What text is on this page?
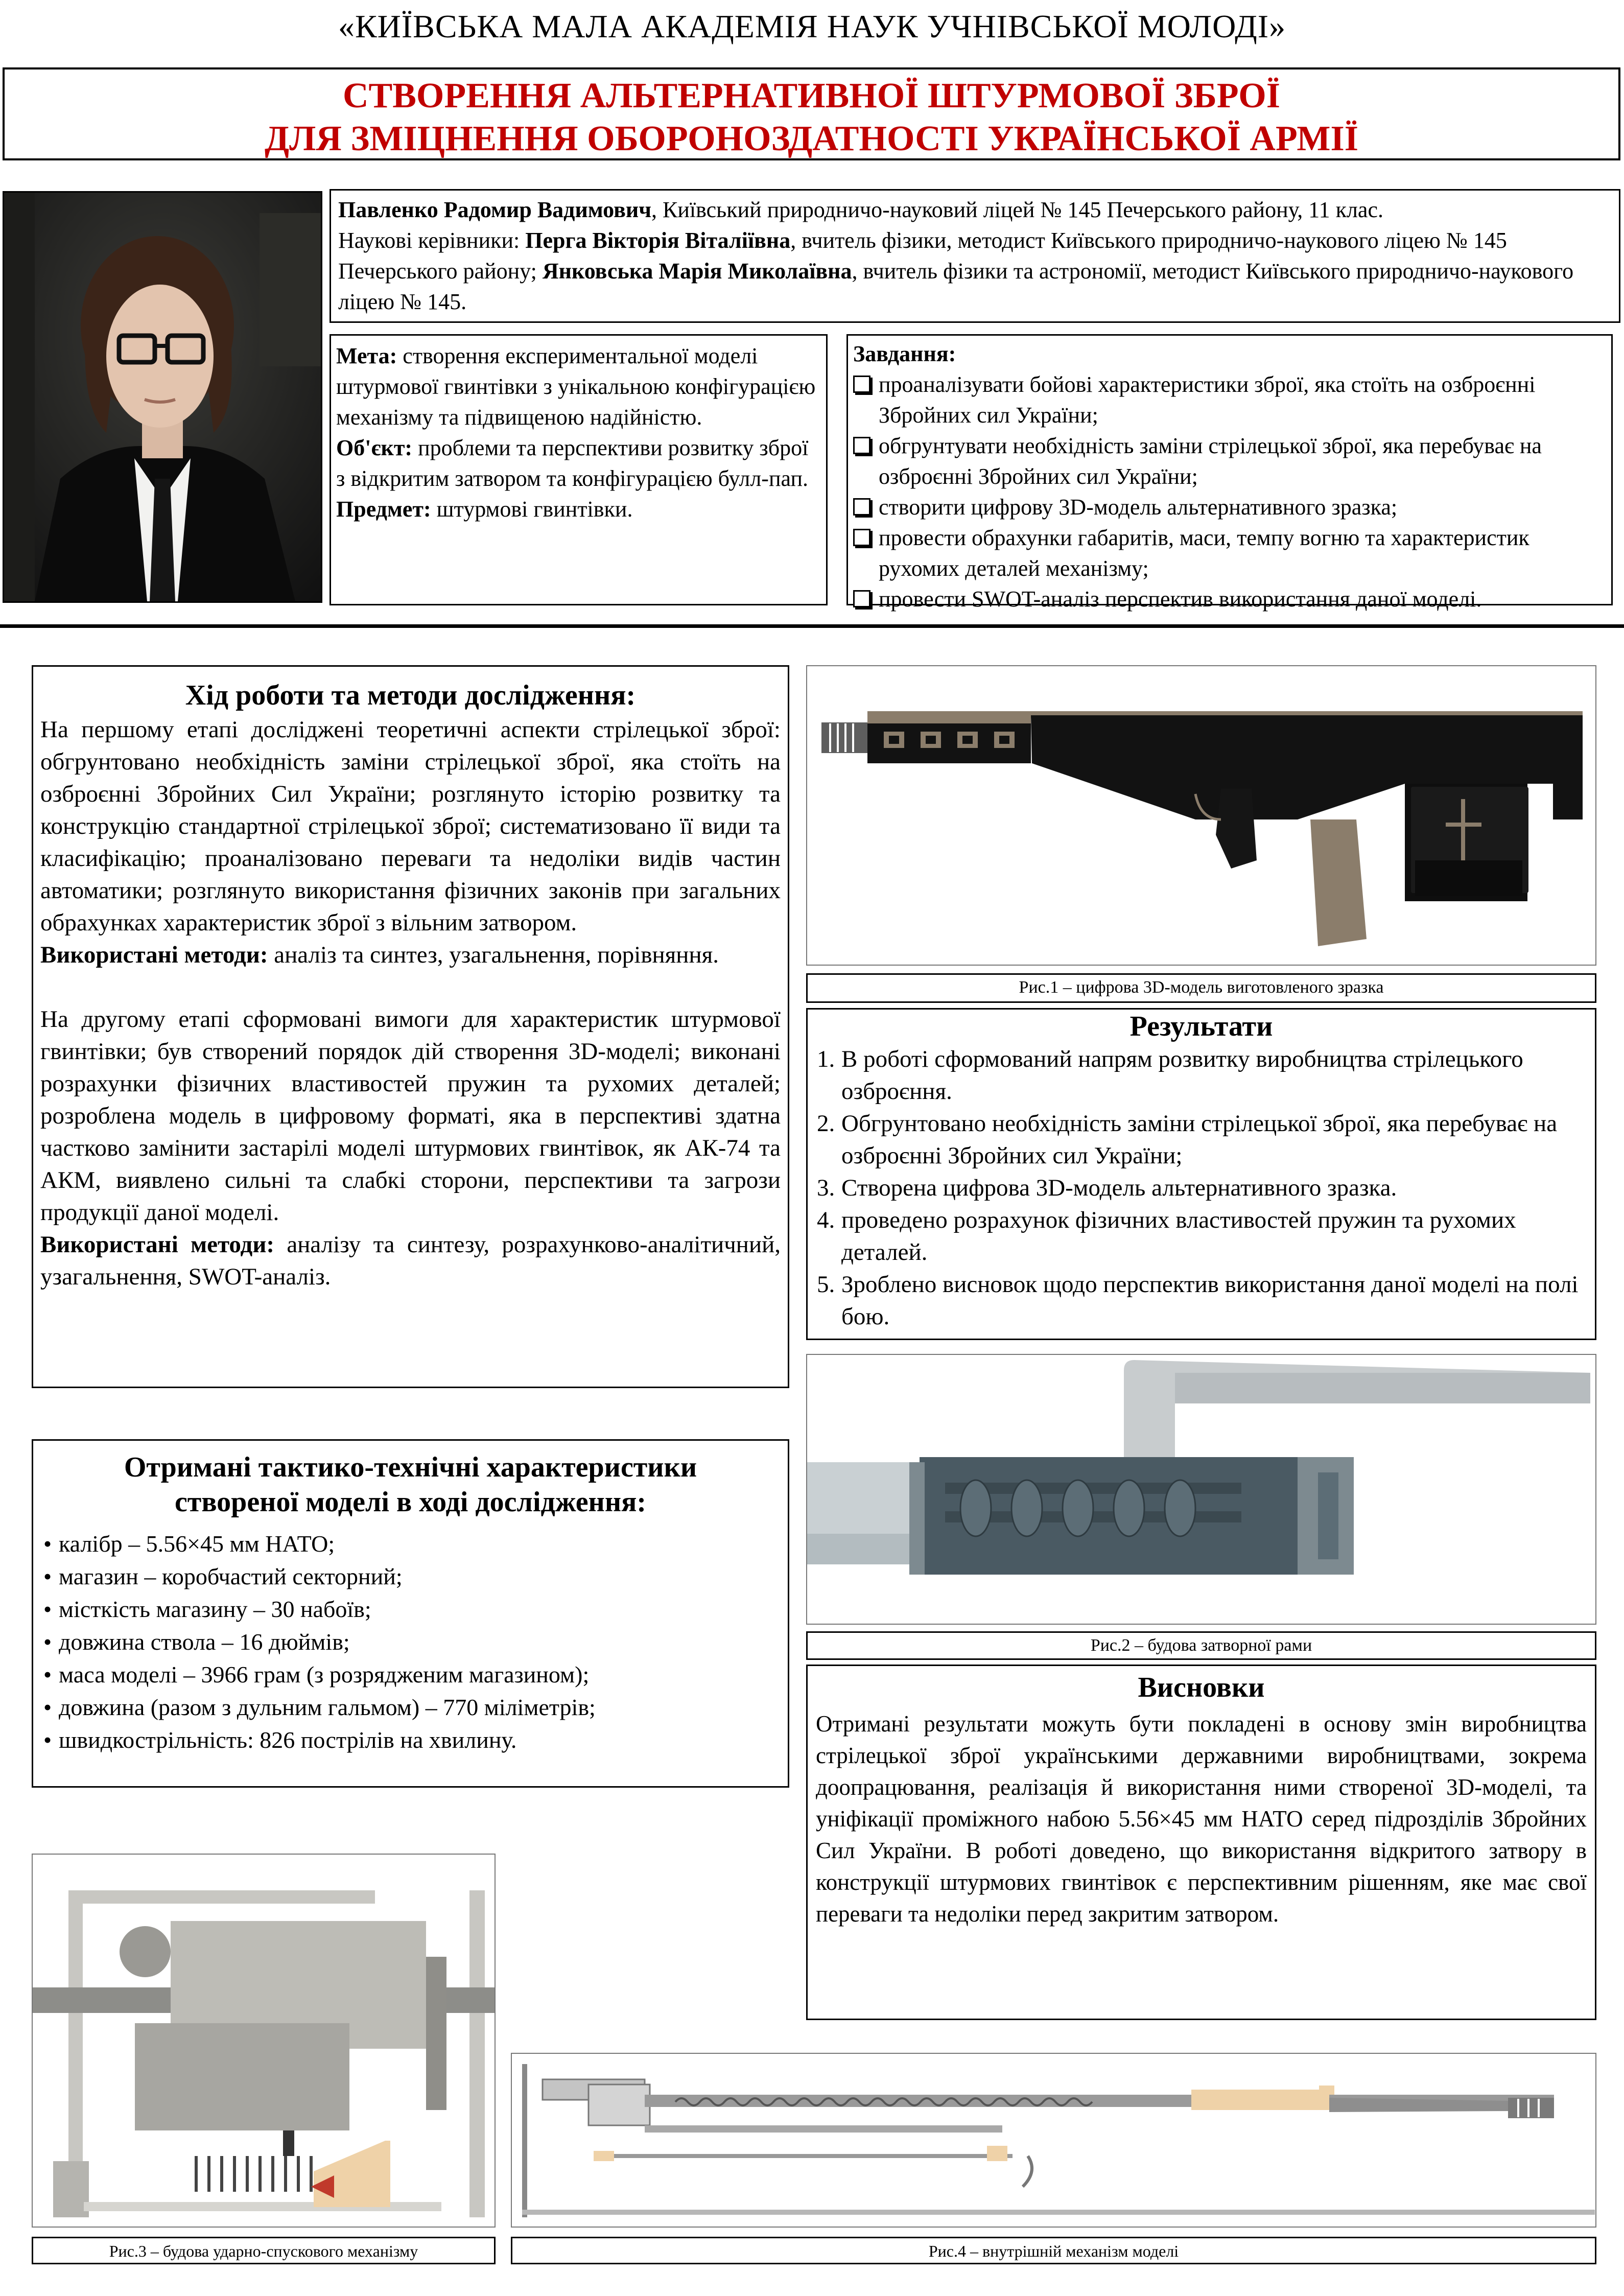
«КИЇВСЬКА МАЛА АКАДЕМІЯ НАУК УЧНІВСЬКОЇ МОЛОДІ»
СТВОРЕННЯ АЛЬТЕРНАТИВНОЇ ШТУРМОВОЇ ЗБРОЇ
ДЛЯ ЗМІЦНЕННЯ ОБОРОНОЗДАТНОСТІ УКРАЇНСЬКОЇ АРМІЇ

Павленко Радомир Вадимович, Київський природничо-науковий ліцей № 145 Печерського району, 11 клас.

Наукові керівники: Перга Вікторія Віталіївна, вчитель фізики, методист Київського природничо-наукового ліцею № 145 Печерського району; Янковська Марія Миколаївна, вчитель фізики та астрономії, методист Київського природничо-наукового ліцею № 145.

Мета: створення експериментальної моделі штурмової гвинтівки з унікальною конфігурацією механізму та підвищеною надійністю.

Об'єкт: проблеми та перспективи розвитку зброї з відкритим затвором та конфігурацією булл-пап.

Предмет: штурмові гвинтівки.

Завдання:

проаналізувати бойові характеристики зброї, яка стоїть на озброєнні Збройних сил України;
обгрунтувати необхідність заміни стрілецької зброї, яка перебуває на озброєнні Збройних сил України;
створити цифрову 3D-модель альтернативного зразка;
провести обрахунки габаритів, маси, темпу вогню та характеристик рухомих деталей механізму;
провести SWOT-аналіз перспектив використання даної моделі.
Хід роботи та методи дослідження:

На першому етапі досліджені теоретичні аспекти стрілецької зброї: обгрунтовано необхідність заміни стрілецької зброї, яка стоїть на озброєнні Збройних Сил України; розглянуто історію розвитку та конструкцію стандартної стрілецької зброї; систематизовано її види та класифікацію; проаналізовано переваги та недоліки видів частин автоматики; розглянуто використання фізичних законів при загальних обрахунках характеристик зброї з вільним затвором.

Використані методи: аналіз та синтез, узагальнення, порівняння.

На другому етапі сформовані вимоги для характеристик штурмової гвинтівки; був створений порядок дій створення 3D-моделі; виконані розрахунки фізичних властивостей пружин та рухомих деталей; розроблена модель в цифровому форматі, яка в перспективі здатна частково замінити застарілі моделі штурмових гвинтівок, як АК-74 та АКМ, виявлено сильні та слабкі сторони, перспективи та загрози продукції даної моделі.

Використані методи: аналізу та синтезу, розрахунково-аналітичний, узагальнення, SWOT-аналіз.

Отримані тактико-технічні характеристики
створеної моделі в ході дослідження:
• калібр – 5.56×45 мм НАТО;
• магазин – коробчастий секторний;
• місткість магазину – 30 набоїв;
• довжина ствола – 16 дюймів;
• маса моделі – 3966 грам (з розрядженим магазином);
• довжина (разом з дульним гальмом) – 770 міліметрів;
• швидкострільність: 826 пострілів на хвилину.
Рис.1 – цифрова 3D-модель виготовленого зразка
Результати
1. В роботі сформований напрям розвитку виробництва стрілецького озброєння.
2. Обгрунтовано необхідність заміни стрілецької зброї, яка перебуває на озброєнні Збройних сил України;
3. Створена цифрова 3D-модель альтернативного зразка.
4. проведено розрахунок фізичних властивостей пружин та рухомих деталей.
5. Зроблено висновок щодо перспектив використання даної моделі на полі бою.
Рис.2 – будова затворної рами
Висновки

Отримані результати можуть бути покладені в основу змін виробництва стрілецької зброї українськими державними виробництвами, зокрема доопрацювання, реалізація й використання ними створеної 3D-моделі, та уніфікації проміжного набою 5.56×45 мм НАТО серед підрозділів Збройних Сил України. В роботі доведено, що використання відкритого затвору в конструкції штурмових гвинтівок є перспективним рішенням, яке має свої переваги та недоліки перед закритим затвором.

Рис.3 – будова ударно-спускового механізму	Рис.4 – внутрішній механізм моделі
